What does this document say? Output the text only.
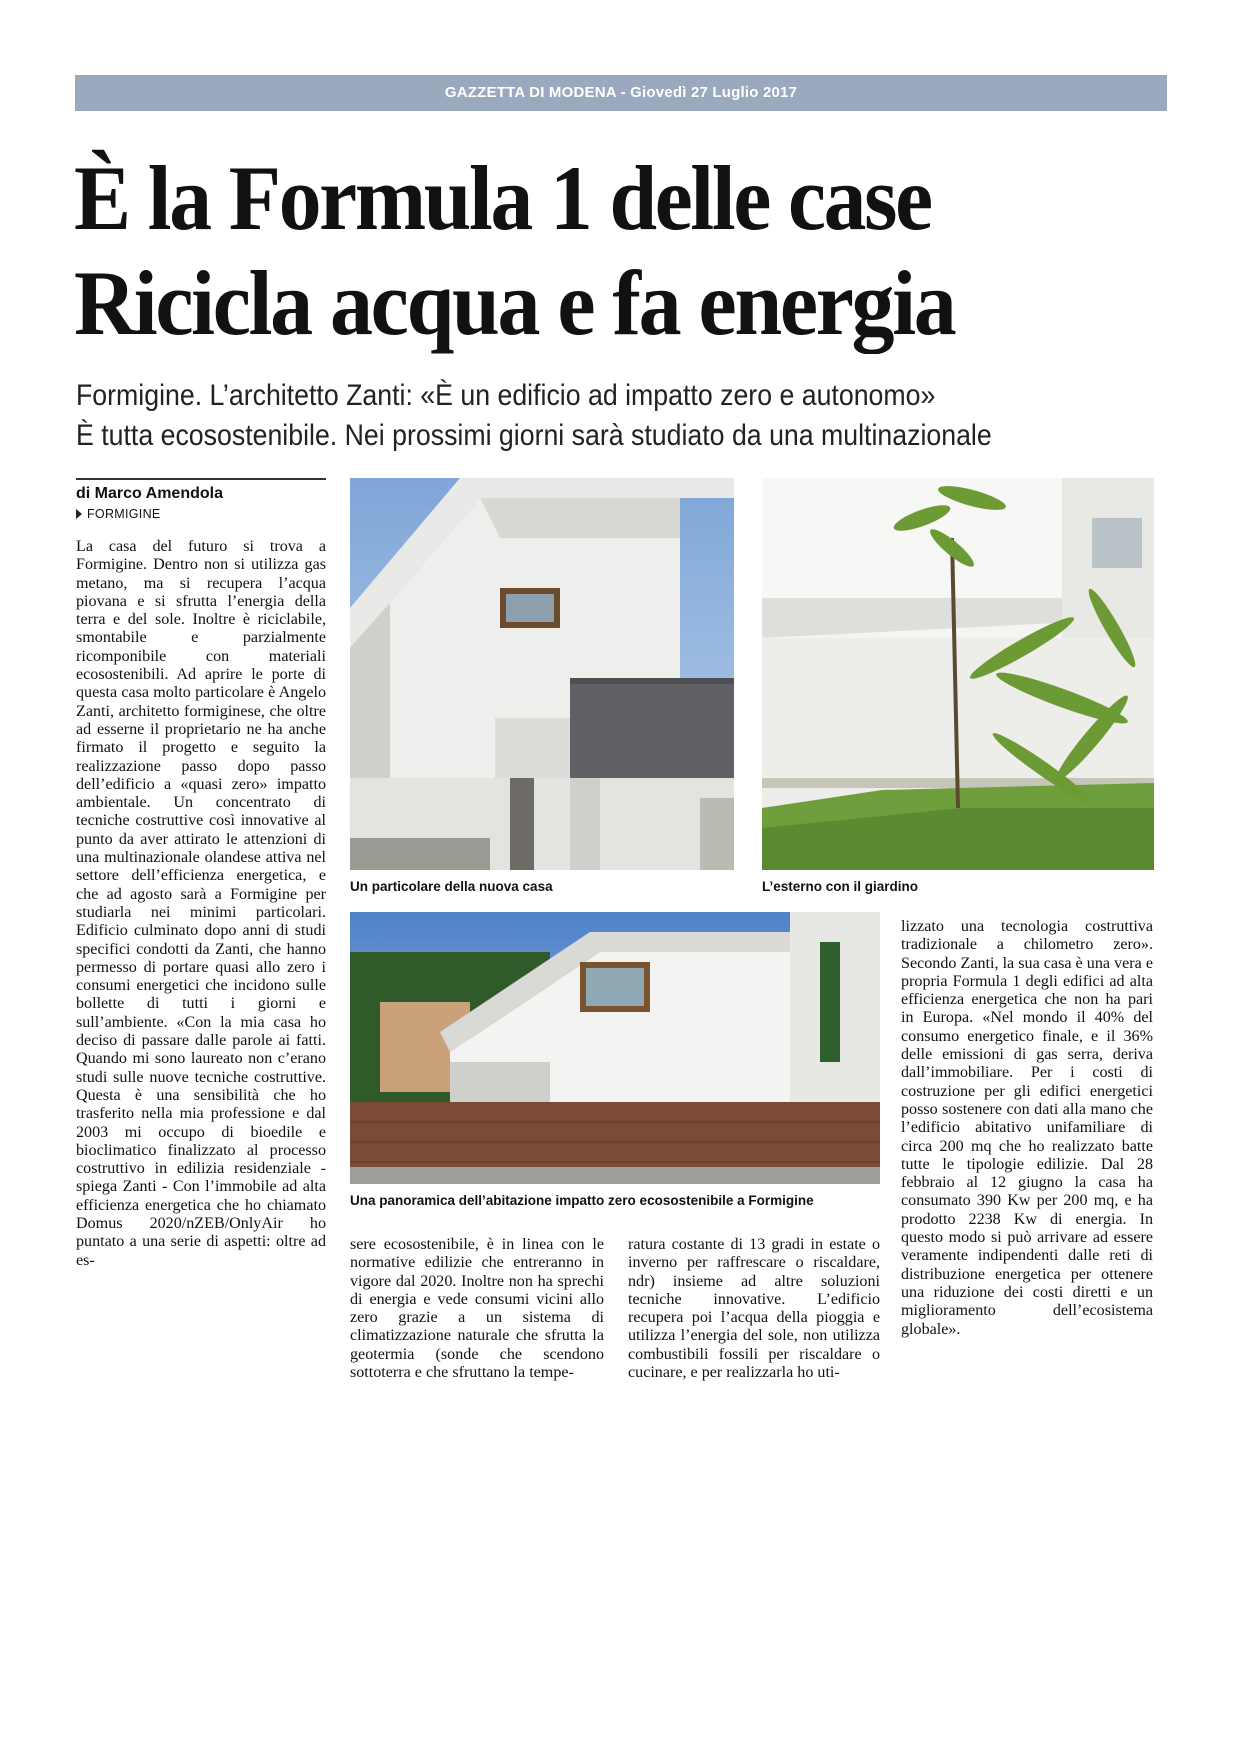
GAZZETTA DI MODENA - Giovedì 27 Luglio 2017
È la Formula 1 delle case
Ricicla acqua e fa energia
Formigine. L’architetto Zanti: «È un edificio ad impatto zero e autonomo»
È tutta ecosostenibile. Nei prossimi giorni sarà studiato da una multinazionale
di Marco Amendola
FORMIGINE

La casa del futuro si trova a Formigine. Dentro non si utilizza gas metano, ma si recupera l’acqua piovana e si sfrutta l’energia della terra e del sole. Inoltre è riciclabile, smontabile e parzialmente ricomponibile con materiali ecosostenibili. Ad aprire le porte di questa casa molto particolare è Angelo Zanti, architetto formiginese, che oltre ad esserne il proprietario ne ha anche firmato il progetto e seguito la realizzazione passo dopo passo dell’edificio a «quasi zero» impatto ambientale. Un concentrato di tecniche costruttive così innovative al punto da aver attirato le attenzioni di una multinazionale olandese attiva nel settore dell’efficienza energetica, e che ad agosto sarà a Formigine per studiarla nei minimi particolari. Edificio culminato dopo anni di studi specifici condotti da Zanti, che hanno permesso di portare quasi allo zero i consumi energetici che incidono sulle bollette di tutti i giorni e sull’ambiente. «Con la mia casa ho deciso di passare dalle parole ai fatti. Quando mi sono laureato non c’erano studi sulle nuove tecniche costruttive. Questa è una sensibilità che ho trasferito nella mia professione e dal 2003 mi occupo di bioedile e bioclimatico finalizzato al processo costruttivo in edilizia residenziale - spiega Zanti - Con l’immobile ad alta efficienza energetica che ho chiamato Domus 2020/nZEB/OnlyAir ho puntato a una serie di aspetti: oltre ad es-

Un particolare della nuova casa	L’esterno con il giardino
Una panoramica dell’abitazione impatto zero ecosostenibile a Formigine

sere ecosostenibile, è in linea con le normative edilizie che entreranno in vigore dal 2020. Inoltre non ha sprechi di energia e vede consumi vicini allo zero grazie a un sistema di climatizzazione naturale che sfrutta la geotermia (sonde che scendono sottoterra e che sfruttano la tempe-

ratura costante di 13 gradi in estate o inverno per raffrescare o riscaldare, ndr) insieme ad altre soluzioni tecniche innovative. L’edificio recupera poi l’acqua della pioggia e utilizza l’energia del sole, non utilizza combustibili fossili per riscaldare o cucinare, e per realizzarla ho uti-

lizzato una tecnologia costruttiva tradizionale a chilometro zero». Secondo Zanti, la sua casa è una vera e propria Formula 1 degli edifici ad alta efficienza energetica che non ha pari in Europa. «Nel mondo il 40% del consumo energetico finale, e il 36% delle emissioni di gas serra, deriva dall’immobiliare. Per i costi di costruzione per gli edifici energetici posso sostenere con dati alla mano che l’edificio abitativo unifamiliare di circa 200 mq che ho realizzato batte tutte le tipologie edilizie. Dal 28 febbraio al 12 giugno la casa ha consumato 390 Kw per 200 mq, e ha prodotto 2238 Kw di energia. In questo modo si può arrivare ad essere veramente indipendenti dalle reti di distribuzione energetica per ottenere una riduzione dei costi diretti e un miglioramento dell’ecosistema globale».
